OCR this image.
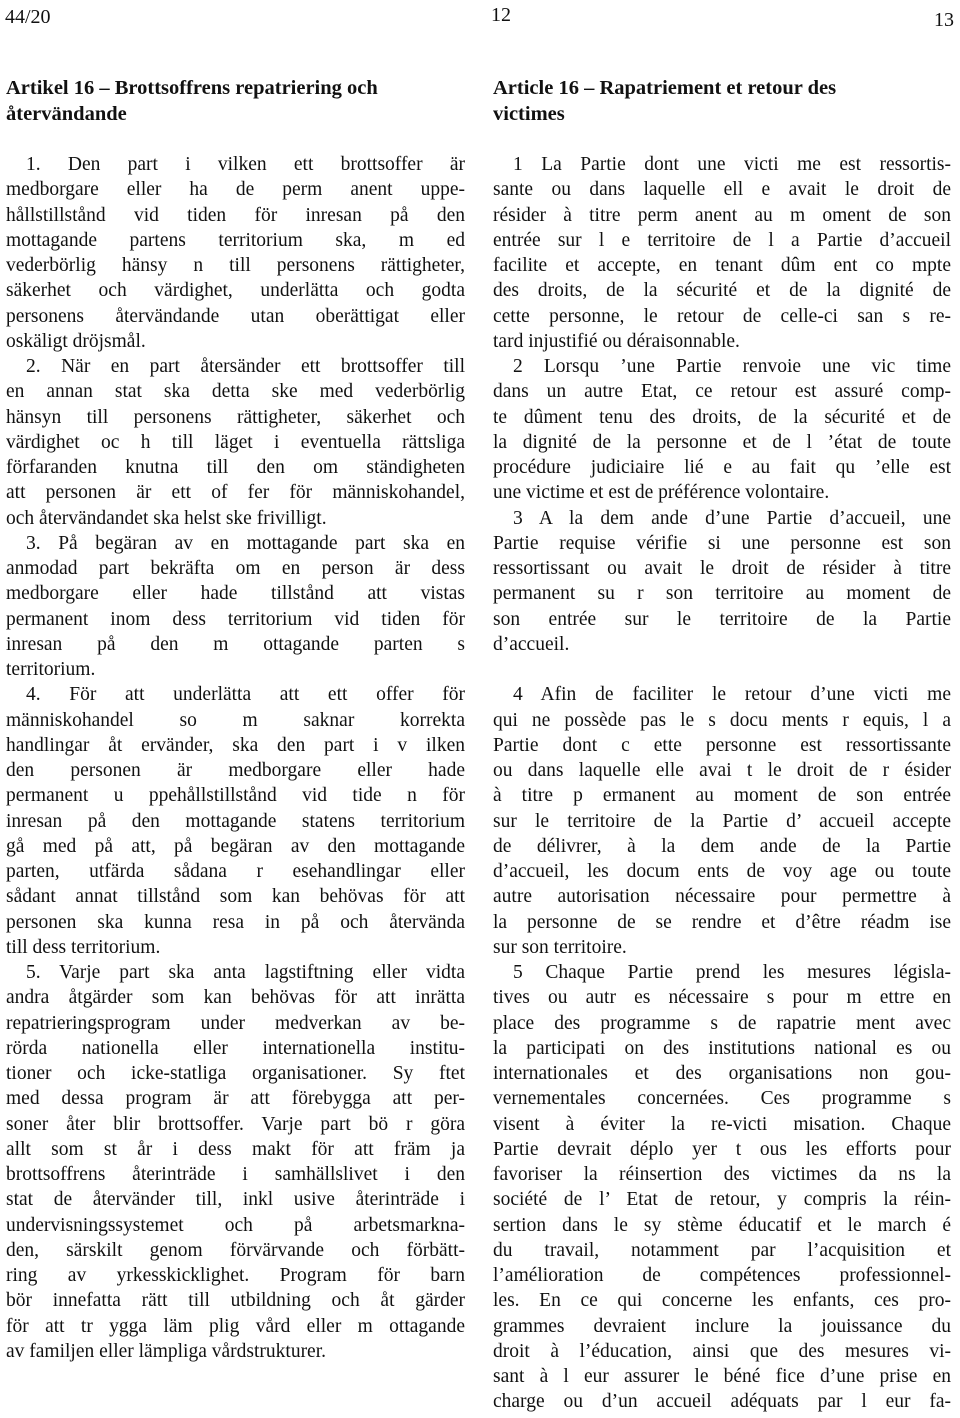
44/20	12	13
Artikel 16 – Brottsoffrens repatriering och
återvändande
1. Den part i vilken ett brottsoffer är
medborgare eller ha de perm anent uppe-
hållstillstånd vid tiden för inresan på den
mottagande partens territorium ska, m ed
vederbörlig hänsy n till personens rättigheter,
säkerhet och värdighet, underlätta och godta
personens återvändande utan oberättigat eller
oskäligt dröjsmål.
2. När en part återsänder ett brottsoffer till
en annan stat ska detta ske med vederbörlig
hänsyn till personens rättigheter, säkerhet och
värdighet oc h till läget i eventuella rättsliga
förfaranden knutna till den om ständigheten
att personen är ett of fer för människohandel,
och återvändandet ska helst ske frivilligt.
3. På begäran av en mottagande part ska en
anmodad part bekräfta om en person är dess
medborgare eller hade tillstånd att vistas
permanent inom dess territorium vid tiden för
inresan på den m ottagande parten s
territorium.
4. För att underlätta att ett offer för
människohandel so m saknar korrekta
handlingar åt ervänder, ska den part i v ilken
den personen är medborgare eller hade
permanent u ppehållstillstånd vid tide n för
inresan på den mottagande statens territorium
gå med på att, på begäran av den mottagande
parten, utfärda sådana r esehandlingar eller
sådant annat tillstånd som kan behövas för att
personen ska kunna resa in på och återvända
till dess territorium.
5. Varje part ska anta lagstiftning eller vidta
andra åtgärder som kan behövas för att inrätta
repatrieringsprogram under medverkan av be-
rörda nationella eller internationella institu-
tioner och icke-statliga organisationer. Sy ftet
med dessa program är att förebygga att per-
soner åter blir brottsoffer. Varje part bö r göra
allt som st år i dess makt för att främ ja
brottsoffrens återinträde i samhällslivet i den
stat de återvänder till, inkl usive återinträde i
undervisningssystemet och på arbetsmarkna-
den, särskilt genom förvärvande och förbätt-
ring av yrkesskicklighet. Program för barn
bör innefatta rätt till utbildning och åt gärder
för att tr ygga läm plig vård eller m ottagande
av familjen eller lämpliga vårdstrukturer.
Article 16 – Rapatriement et retour des
victimes
1 La Partie dont une victi me est ressortis-
sante ou dans laquelle ell e avait le droit de
résider à titre perm anent au m oment de son
entrée sur l e territoire de l a Partie d’accueil
facilite et accepte, en tenant dûm ent co mpte
des droits, de la sécurité et de la dignité de
cette personne, le retour de celle-ci san s re-
tard injustifié ou déraisonnable.
2 Lorsqu ’une Partie renvoie une vic time
dans un autre Etat, ce retour est assuré comp-
te dûment tenu des droits, de la sécurité et de
la dignité de la personne et de l ’état de toute
procédure judiciaire lié e au fait qu ’elle est
une victime et est de préférence volontaire.
3 A la dem ande d’une Partie d’accueil, une
Partie requise vérifie si une personne est son
ressortissant ou avait le droit de résider à titre
permanent su r son territoire au moment de
son entrée sur le territoire de la Partie
d’accueil.
4 Afin de faciliter le retour d’une victi me
qui ne possède pas le s docu ments r equis, l a
Partie dont c ette personne est ressortissante
ou dans laquelle elle avai t le droit de r ésider
à titre p ermanent au moment de son entrée
sur le territoire de la Partie d’ accueil accepte
de délivrer, à la dem ande de la Partie
d’accueil, les docum ents de voy age ou toute
autre autorisation nécessaire pour permettre à
la personne de se rendre et d’être réadm ise
sur son territoire.
5 Chaque Partie prend les mesures législa-
tives ou autr es nécessaire s pour m ettre en
place des programme s de rapatrie ment avec
la participati on des institutions national es ou
internationales et des organisations non gou-
vernementales concernées. Ces programme s
visent à éviter la re-victi misation. Chaque
Partie devrait déplo yer t ous les efforts pour
favoriser la réinsertion des victimes da ns la
société de l’ Etat de retour, y compris la réin-
sertion dans le sy stème éducatif et le march é
du travail, notamment par l’acquisition et
l’amélioration de compétences professionnel-
les. En ce qui concerne les enfants, ces pro-
grammes devraient inclure la jouissance du
droit à l’éducation, ainsi que des mesures vi-
sant à l eur assurer le béné fice d’une prise en
charge ou d’un accueil adéquats par l eur fa-
